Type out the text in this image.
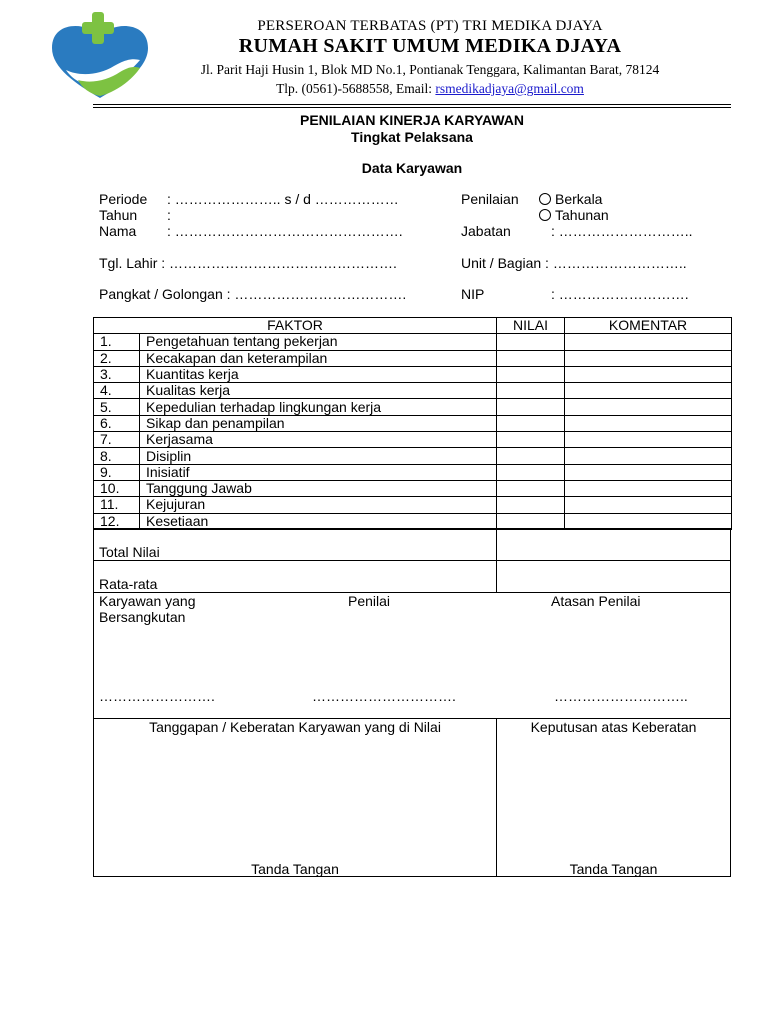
PERSEROAN TERBATAS (PT) TRI MEDIKA DJAYA
RUMAH SAKIT UMUM MEDIKA DJAYA
Jl. Parit Haji Husin 1, Blok MD No.1, Pontianak Tenggara, Kalimantan Barat, 78124
Tlp. (0561)-5688558, Email: rsmedikadjaya@gmail.com
PENILAIAN KINERJA KARYAWAN
Tingkat Pelaksana
Data Karyawan
Periode : ………………….. s / d ………………
Tahun :
Nama : ………………………………………….
Penilaian	Berkala
Tahunan
Jabatan	: ………………………..
Tgl. Lahir : ………………………………………….	Unit / Bagian : ………………………..
Pangkat / Golongan : ……………………………….	NIP	: ……………………….
FAKTOR		NILAI	KOMENTAR
1.	Pengetahuan tentang pekerjan		
2.	Kecakapan dan keterampilan		
3.	Kuantitas kerja		
4.	Kualitas kerja		
5.	Kepedulian terhadap lingkungan kerja		
6.	Sikap dan penampilan		
7.	Kerjasama		
8.	Disiplin		
9.	Inisiatif		
10.	Tanggung Jawab		
11.	Kejujuran		
12.	Kesetiaan		
Total Nilai
Rata-rata
Karyawan yang
Bersangkutan
Penilai	Atasan Penilai
…………………….	………………………….	………………………..
Tanggapan / Keberatan Karyawan yang di Nilai	Keputusan atas Keberatan
Tanda Tangan	Tanda Tangan
